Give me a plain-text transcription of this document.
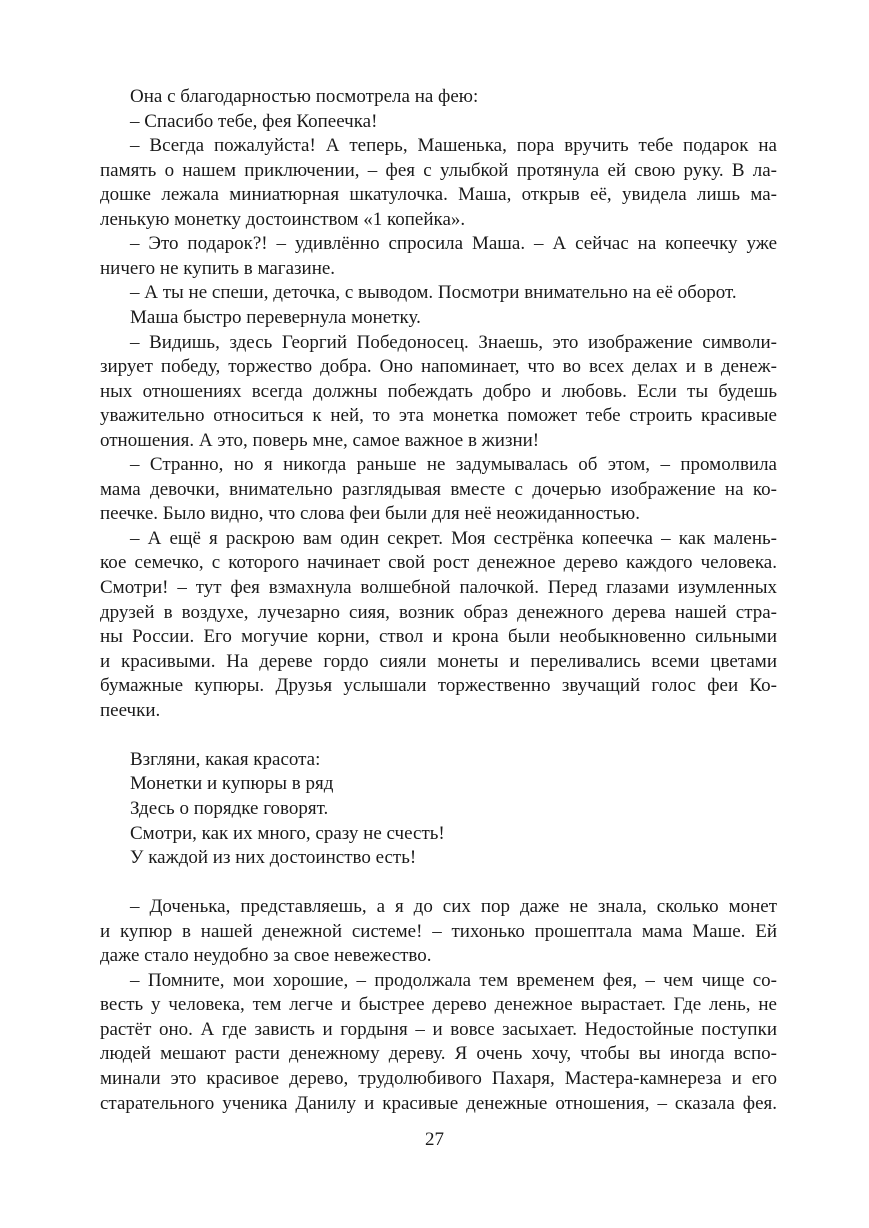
Она с благодарностью посмотрела на фею:
– Спасибо тебе, фея Копеечка!
– Всегда пожалуйста! А теперь, Машенька, пора вручить тебе подарок на
память о нашем приключении, – фея с улыбкой протянула ей свою руку. В ла-
дошке лежала миниатюрная шкатулочка. Маша, открыв её, увидела лишь ма-
ленькую монетку достоинством «1 копейка».
– Это подарок?! – удивлённо спросила Маша. – А сейчас на копеечку уже
ничего не купить в магазине.
– А ты не спеши, деточка, с выводом. Посмотри внимательно на её оборот.
Маша быстро перевернула монетку.
– Видишь, здесь Георгий Победоносец. Знаешь, это изображение символи-
зирует победу, торжество добра. Оно напоминает, что во всех делах и в денеж-
ных отношениях всегда должны побеждать добро и любовь. Если ты будешь
уважительно относиться к ней, то эта монетка поможет тебе строить красивые
отношения. А это, поверь мне, самое важное в жизни!
– Странно, но я никогда раньше не задумывалась об этом, – промолвила
мама девочки, внимательно разглядывая вместе с дочерью изображение на ко-
пеечке. Было видно, что слова феи были для неё неожиданностью.
– А ещё я раскрою вам один секрет. Моя сестрёнка копеечка – как малень-
кое семечко, с которого начинает свой рост денежное дерево каждого человека.
Смотри! – тут фея взмахнула волшебной палочкой. Перед глазами изумленных
друзей в воздухе, лучезарно сияя, возник образ денежного дерева нашей стра-
ны России. Его могучие корни, ствол и крона были необыкновенно сильными
и красивыми. На дереве гордо сияли монеты и переливались всеми цветами
бумажные купюры. Друзья услышали торжественно звучащий голос феи Ко-
пеечки.
Взгляни, какая красота:
Монетки и купюры в ряд
Здесь о порядке говорят.
Смотри, как их много, сразу не счесть!
У каждой из них достоинство есть!
– Доченька, представляешь, а я до сих пор даже не знала, сколько монет
и купюр в нашей денежной системе! – тихонько прошептала мама Маше. Ей
даже стало неудобно за свое невежество.
– Помните, мои хорошие, – продолжала тем временем фея, – чем чище со-
весть у человека, тем легче и быстрее дерево денежное вырастает. Где лень, не
растёт оно. А где зависть и гордыня – и вовсе засыхает. Недостойные поступки
людей мешают расти денежному дереву. Я очень хочу, чтобы вы иногда вспо-
минали это красивое дерево, трудолюбивого Пахаря, Мастера-камнереза и его
старательного ученика Данилу и красивые денежные отношения, – сказала фея.
27
